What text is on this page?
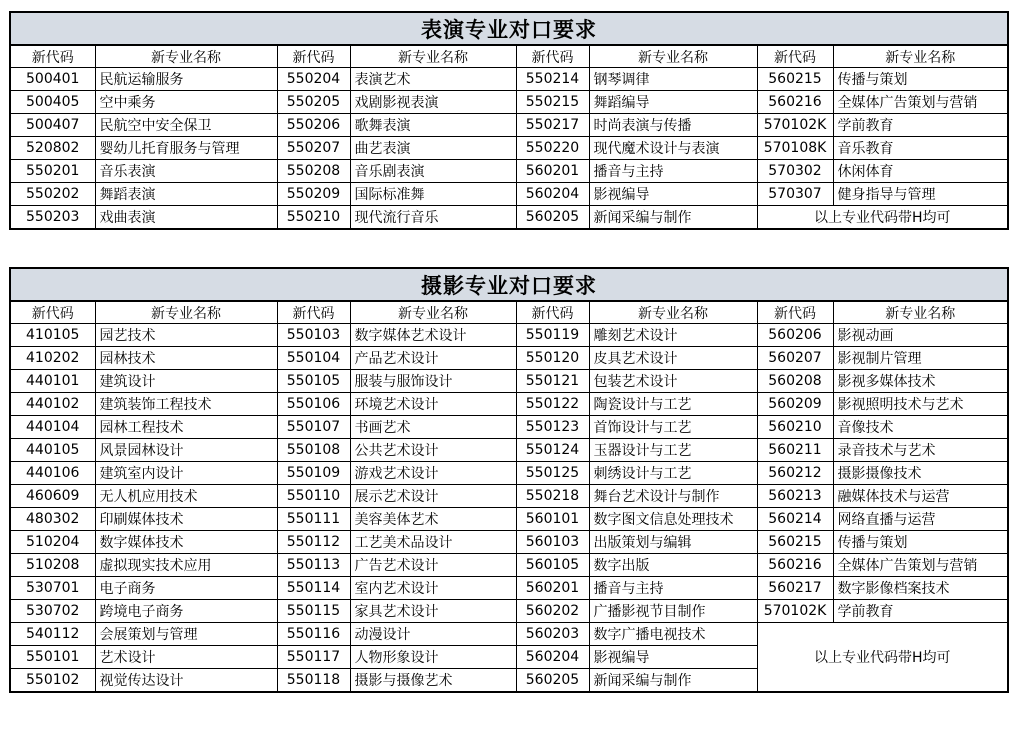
表演专业对口要求							
新代码	新专业名称	新代码	新专业名称	新代码	新专业名称	新代码	新专业名称
500401	民航运输服务	550204	表演艺术	550214	钢琴调律	560215	传播与策划
500405	空中乘务	550205	戏剧影视表演	550215	舞蹈编导	560216	全媒体广告策划与营销
500407	民航空中安全保卫	550206	歌舞表演	550217	时尚表演与传播	570102K	学前教育
520802	婴幼儿托育服务与管理	550207	曲艺表演	550220	现代魔术设计与表演	570108K	音乐教育
550201	音乐表演	550208	音乐剧表演	560201	播音与主持	570302	休闲体育
550202	舞蹈表演	550209	国际标准舞	560204	影视编导	570307	健身指导与管理
550203	戏曲表演	550210	现代流行音乐	560205	新闻采编与制作	以上专业代码带H均可	
摄影专业对口要求							
新代码	新专业名称	新代码	新专业名称	新代码	新专业名称	新代码	新专业名称
410105	园艺技术	550103	数字媒体艺术设计	550119	雕刻艺术设计	560206	影视动画
410202	园林技术	550104	产品艺术设计	550120	皮具艺术设计	560207	影视制片管理
440101	建筑设计	550105	服装与服饰设计	550121	包装艺术设计	560208	影视多媒体技术
440102	建筑装饰工程技术	550106	环境艺术设计	550122	陶瓷设计与工艺	560209	影视照明技术与艺术
440104	园林工程技术	550107	书画艺术	550123	首饰设计与工艺	560210	音像技术
440105	风景园林设计	550108	公共艺术设计	550124	玉器设计与工艺	560211	录音技术与艺术
440106	建筑室内设计	550109	游戏艺术设计	550125	刺绣设计与工艺	560212	摄影摄像技术
460609	无人机应用技术	550110	展示艺术设计	550218	舞台艺术设计与制作	560213	融媒体技术与运营
480302	印刷媒体技术	550111	美容美体艺术	560101	数字图文信息处理技术	560214	网络直播与运营
510204	数字媒体技术	550112	工艺美术品设计	560103	出版策划与编辑	560215	传播与策划
510208	虚拟现实技术应用	550113	广告艺术设计	560105	数字出版	560216	全媒体广告策划与营销
530701	电子商务	550114	室内艺术设计	560201	播音与主持	560217	数字影像档案技术
530702	跨境电子商务	550115	家具艺术设计	560202	广播影视节目制作	570102K	学前教育
540112	会展策划与管理	550116	动漫设计	560203	数字广播电视技术	以上专业代码带H均可	
550101	艺术设计	550117	人物形象设计	560204	影视编导		
550102	视觉传达设计	550118	摄影与摄像艺术	560205	新闻采编与制作		
